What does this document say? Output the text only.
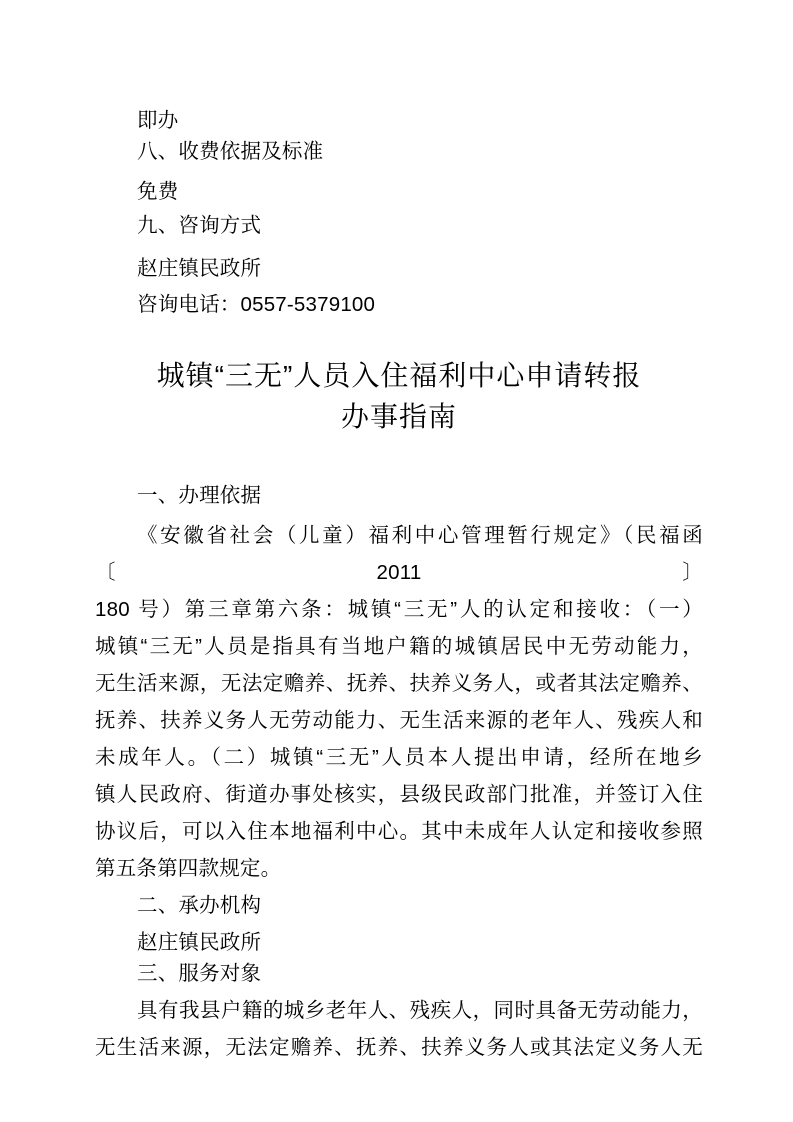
即办
八、收费依据及标准
免费
九、咨询方式
赵庄镇民政所
咨询电话：0557-5379100
城镇“三无”人员入住福利中心申请转报
办事指南
一、办理依据
《安徽省社会（儿童）福利中心管理暂行规定》（民福函〔2011〕
180 号）第三章第六条：城镇“三无”人的认定和接收：（一）
城镇“三无”人员是指具有当地户籍的城镇居民中无劳动能力，
无生活来源，无法定赡养、抚养、扶养义务人，或者其法定赡养、
抚养、扶养义务人无劳动能力、无生活来源的老年人、残疾人和
未成年人。（二）城镇“三无”人员本人提出申请，经所在地乡
镇人民政府、街道办事处核实，县级民政部门批准，并签订入住
协议后，可以入住本地福利中心。其中未成年人认定和接收参照
第五条第四款规定。
二、承办机构
赵庄镇民政所
三、服务对象
具有我县户籍的城乡老年人、残疾人，同时具备无劳动能力，
无生活来源，无法定赡养、抚养、扶养义务人或其法定义务人无
